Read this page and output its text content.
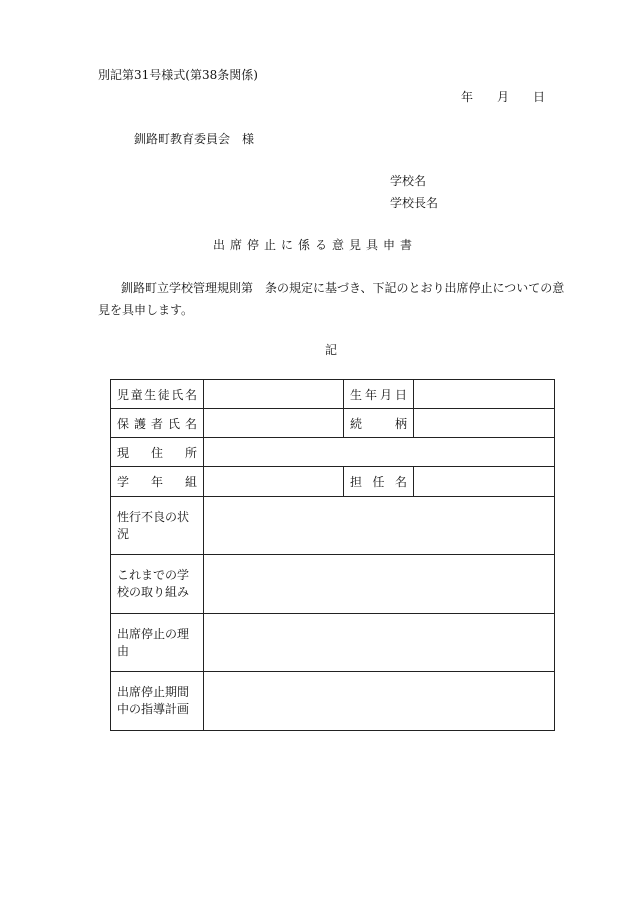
別記第31号様式(第38条関係)
年 月 日
釧路町教育委員会　様
学校名
学校長名
出席停止に係る意見具申書
釧路町立学校管理規則第　条の規定に基づき、下記のとおり出席停止についての意見を具申します。
記
児童生徒氏名		生年月日	

保護者氏名		続　　柄	

現　住　所			

学　年　組		担任名	

性行不良の状況			
これまでの学校の取り組み			
出席停止の理由			
出席停止期間中の指導計画			
